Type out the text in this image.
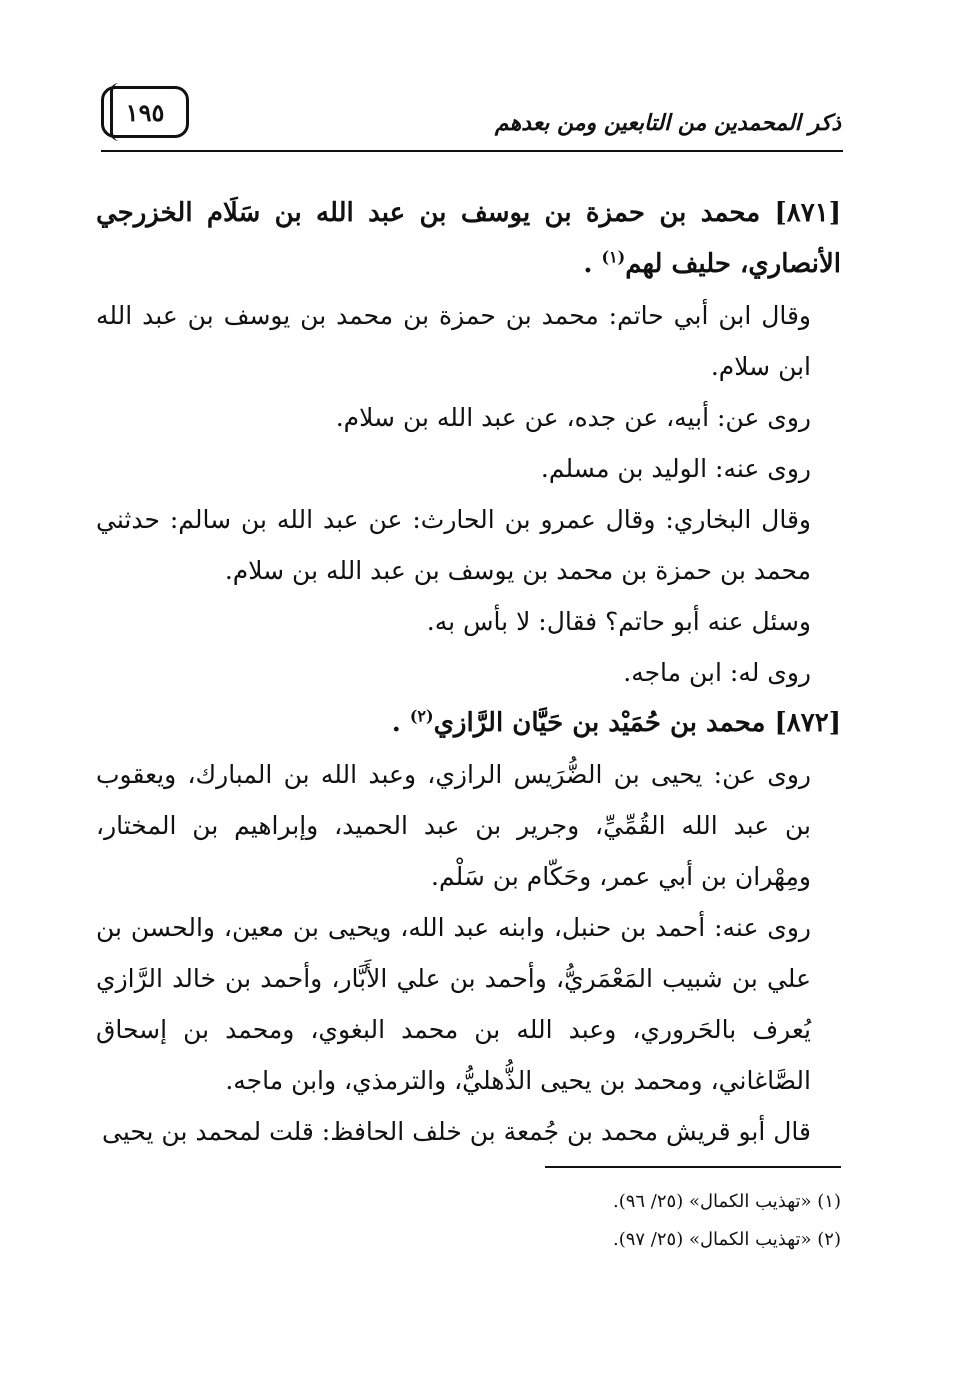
١٩٥	ذكر المحمدين من التابعين ومن بعدهم

[٨٧١] محمد بن حمزة بن يوسف بن عبد الله بن سَلَام الخزرجي الأنصاري، حليف لهم$^{(١)}$ .

وقال ابن أبي حاتم: محمد بن حمزة بن محمد بن يوسف بن عبد الله ابن سلام.

روى عن: أبيه، عن جده، عن عبد الله بن سلام.

روى عنه: الوليد بن مسلم.

وقال البخاري: وقال عمرو بن الحارث: عن عبد الله بن سالم: حدثني محمد بن حمزة بن محمد بن يوسف بن عبد الله بن سلام.

وسئل عنه أبو حاتم؟ فقال: لا بأس به.

روى له: ابن ماجه.

[٨٧٢] محمد بن حُمَيْد بن حَيَّان الرَّازي$^{(٢)}$ .

روى عن: يحيى بن الضُّرَيس الرازي، وعبد الله بن المبارك، ويعقوب بن عبد الله القُمِّيِّ، وجرير بن عبد الحميد، وإبراهيم بن المختار، ومِهْران بن أبي عمر، وحَكّام بن سَلْم.

روى عنه: أحمد بن حنبل، وابنه عبد الله، ويحيى بن معين، والحسن بن علي بن شبيب المَعْمَريُّ، وأحمد بن علي الأَبَّار، وأحمد بن خالد الرَّازي يُعرف بالحَروري، وعبد الله بن محمد البغوي، ومحمد بن إسحاق الصَّاغاني، ومحمد بن يحيى الذُّهليُّ، والترمذي، وابن ماجه.

قال أبو قريش محمد بن جُمعة بن خلف الحافظ: قلت لمحمد بن يحيى

(١) «تهذيب الكمال» (٢٥/ ٩٦).

(٢) «تهذيب الكمال» (٢٥/ ٩٧).
